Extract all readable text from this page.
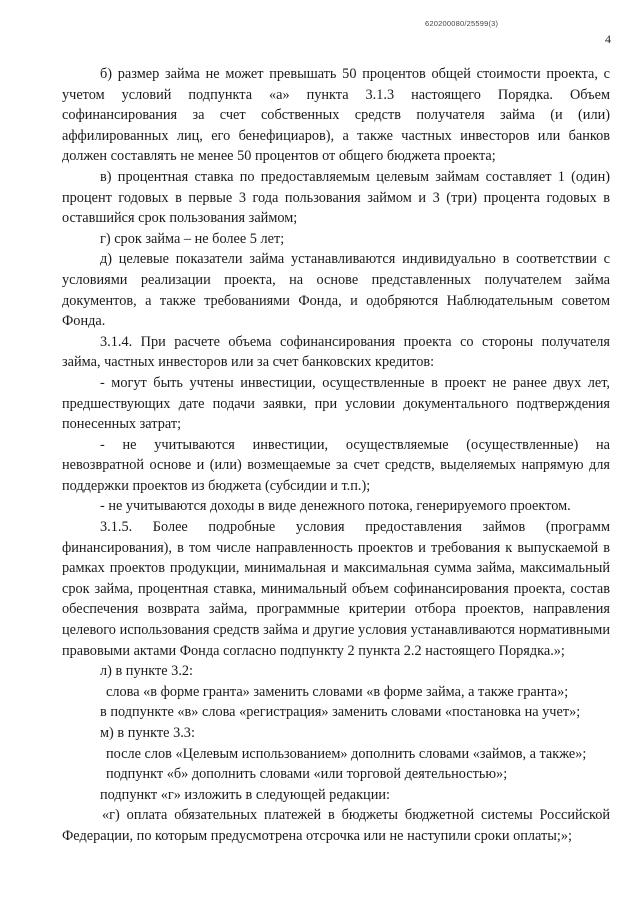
620200080/25599(3)
4

б) размер займа не может превышать 50 процентов общей стоимости проекта, с учетом условий подпункта «а» пункта 3.1.3 настоящего Порядка. Объем софинансирования за счет собственных средств получателя займа (и (или) аффилированных лиц, его бенефициаров), а также частных инвесторов или банков должен составлять не менее 50 процентов от общего бюджета проекта;

в) процентная ставка по предоставляемым целевым займам составляет 1 (один) процент годовых в первые 3 года пользования займом и 3 (три) процента годовых в оставшийся срок пользования займом;

г) срок займа – не более 5 лет;

д) целевые показатели займа устанавливаются индивидуально в соответствии с условиями реализации проекта, на основе представленных получателем займа документов, а также требованиями Фонда, и одобряются Наблюдательным советом Фонда.

3.1.4. При расчете объема софинансирования проекта со стороны получателя займа, частных инвесторов или за счет банковских кредитов:

- могут быть учтены инвестиции, осуществленные в проект не ранее двух лет, предшествующих дате подачи заявки, при условии документального подтверждения понесенных затрат;

- не учитываются инвестиции, осуществляемые (осуществленные) на невозвратной основе и (или) возмещаемые за счет средств, выделяемых напрямую для поддержки проектов из бюджета (субсидии и т.п.);

- не учитываются доходы в виде денежного потока, генерируемого проектом.

3.1.5. Более подробные условия предоставления займов (программ финансирования), в том числе направленность проектов и требования к выпускаемой в рамках проектов продукции, минимальная и максимальная сумма займа, максимальный срок займа, процентная ставка, минимальный объем софинансирования проекта, состав обеспечения возврата займа, программные критерии отбора проектов, направления целевого использования средств займа и другие условия устанавливаются нормативными правовыми актами Фонда согласно подпункту 2 пункта 2.2 настоящего Порядка.»;

л) в пункте 3.2:

слова «в форме гранта» заменить словами «в форме займа, а также гранта»;

в подпункте «в» слова «регистрация» заменить словами «постановка на учет»;

м) в пункте 3.3:

после слов «Целевым использованием» дополнить словами «займов, а также»;

подпункт «б» дополнить словами «или торговой деятельностью»;

подпункт «г» изложить в следующей редакции:

«г) оплата обязательных платежей в бюджеты бюджетной системы Российской Федерации, по которым предусмотрена отсрочка или не наступили сроки оплаты;»;
